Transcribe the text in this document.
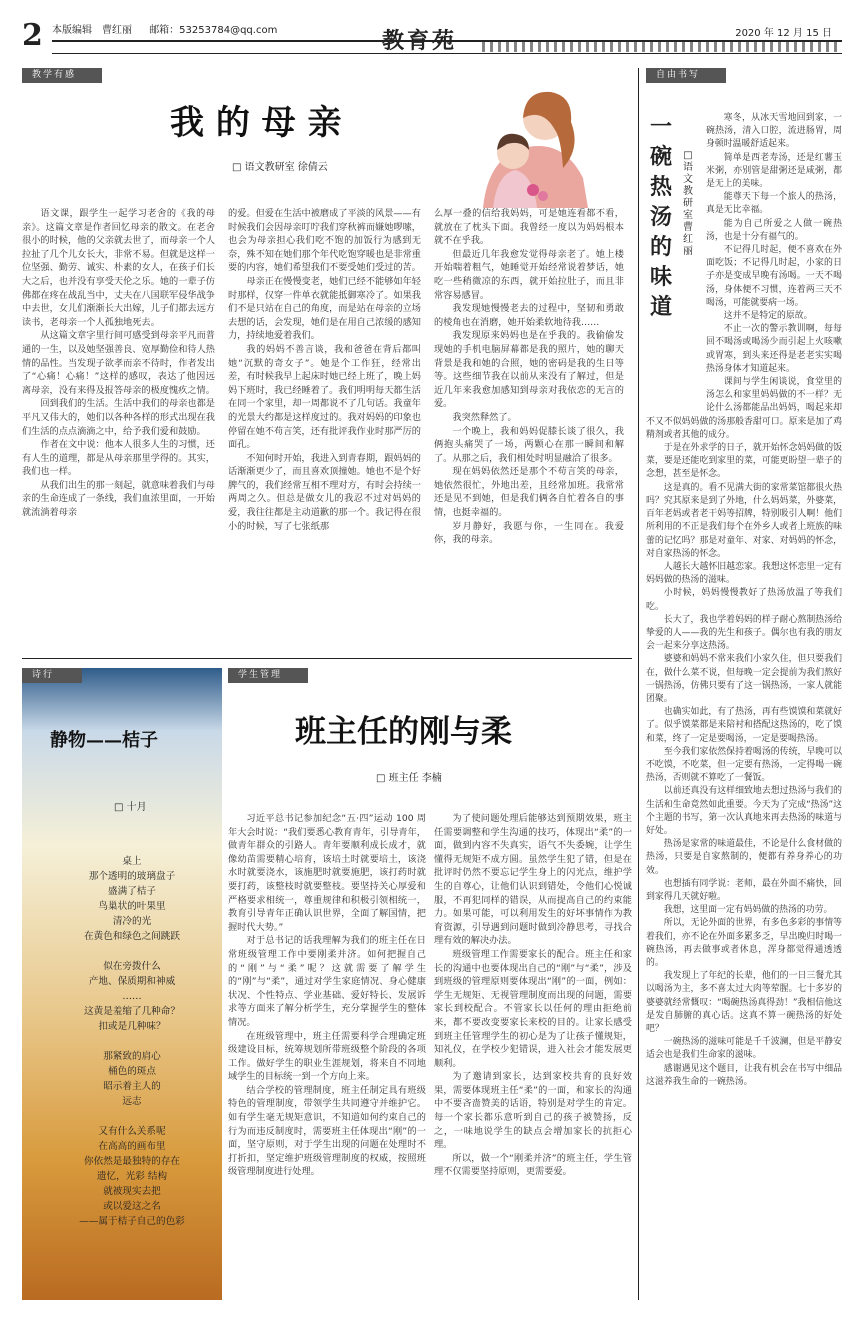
2 本版编辑　曹红丽 邮箱：53253784@qq.com	教育苑	2020 年 12 月 15 日
教学有感
我 的 母 亲
□ 语文教研室 徐倩云

语文课，跟学生一起学习老舍的《我的母亲》。这篇文章是作者回忆母亲的散文。在老舍很小的时候，他的父亲就去世了，而母亲一个人拉扯了几个儿女长大，非常不易。但就是这样一位坚强、勤劳、诚实、朴素的女人，在孩子们长大之后，也并没有享受天伦之乐。她的一辈子仿佛都在疼在战乱当中，丈夫在八国联军侵华战争中去世，女儿们渐渐长大出嫁，儿子们都去远方读书，老母亲一个人孤独地死去。

从这篇文章字里行间可感受到母亲平凡而普通的一生，以及她坚强善良、宽厚勤俭和待人热情的品性。当发现子欲孝而亲不待时，作者发出了“心痛！心痛！”这样的感叹，表达了他因远离母亲，没有来得及报答母亲的极度愧疚之情。

回到我们的生活。生活中我们的母亲也都是平凡又伟大的，她们以各种各样的形式出现在我们生活的点点滴滴之中，给予我们爱和鼓励。

作者在文中说：他本人很多人生的习惯，还有人生的道理，都是从母亲那里学得的。其实，我们也一样。

从我们出生的那一刻起，就意味着我们与母亲的生命连成了一条线，我们血浓里面，一开始就流淌着母亲

的爱。但爱在生活中被磨成了平淡的风景——有时候我们会因母亲叮咛我们穿秋裤而嫌她啰嗦，也会为母亲担心我们吃不饱的加饭行为感到无奈，殊不知在她们那个年代吃饱穿暖也是非常重要的内容，她们希望我们不要受她们受过的苦。

母亲正在慢慢变老，她们已经不能够如年轻时那样，仅穿一件单衣就能抵御寒冷了。如果我们不是只站在自己的角度，而是站在母亲的立场去想的话，会发现，她们是在用自己浓缓的感知力，持续地爱着我们。

我的妈妈不善言谈，我和爸爸在背后都叫她“沉默的奇女子”。她是个工作狂，经常出差，有时候我早上起床时她已经上班了，晚上妈妈下班时，我已经睡着了。我们明明每天都生活在同一个家里，却一周都说不了几句话。我童年的光景大约都是这样度过的。我对妈妈的印象也停留在她不苟言笑，还有批评我作业时那严厉的面孔。

不知何时开始，我进入到青春期，跟妈妈的话渐渐更少了，而且喜欢顶撞她。她也不是个好脾气的，我们经常互相不理对方，有时会持续一两周之久。但总是做女儿的我忍不过对妈妈的爱，我往往都是主动道歉的那一个。我记得在很小的时候，写了七张纸那

么厚一叠的信给我妈妈，可是她连看都不看，就放在了枕头下面。我曾经一度以为妈妈根本就不在乎我。

但最近几年我愈发觉得母亲老了。她上楼开始喘着粗气，她睡觉开始经常说着梦话，她吃一些稍微凉的东西，就开始拉肚子，而且非常容易感冒。

我发现她慢慢老去的过程中，坚韧和勇敢的棱角也在消磨，她开始柔软地待我……

我发现原来妈妈也是在乎我的。我偷偷发现她的手机电脑屏幕都是我的照片，她的聊天背景是我和她的合照，她的密码是我的生日等等。这些细节我在以前从来没有了解过，但是近几年来我愈加感知到母亲对我依恋的无言的爱。

我突然释然了。

一个晚上，我和妈妈促膝长谈了很久，我俩抱头痛哭了一场，两颗心在那一瞬间和解了。从那之后，我们相处时明显融洽了很多。

现在妈妈依然还是那个不苟言笑的母亲，她依然很忙，外地出差，且经常加班。我常常还是见不到她，但是我们俩各自忙着各自的事情，也挺幸福的。

岁月静好，我愿与你，一生同在。我爱你，我的母亲。

诗行
静物——桔子
□ 十月
桌上
那个透明的玻璃盘子
盛满了桔子
鸟巢状的叶果里
清冷的光
在黄色和绿色之间跳跃
似在旁拨什么
产地、保质期和神威
……
这黄是羞缩了几种命？
扣或是几种味？
那紧致的肩心
桶色的斑点
昭示着主人的
远志
又有什么关系呢
在高高的画布里
你依然是最独特的存在
遗忆，光彩 结构
就被现实去把
或以爱这之名
——属于桔子自己的色彩
学生管理
班主任的刚与柔
□ 班主任 李楠

习近平总书记参加纪念“五·四”运动 100 周年大会时说：“我们要悉心教育青年，引导青年，做青年群众的引路人。青年要顺利成长成才，就像幼苗需要精心培育，该培土时就要培土，该浇水时就要浇水，该施肥时就要施肥，该打药时就要打药，该整枝时就要整枝。要坚持关心厚爱和严格要求相统一，尊重规律和积极引领相统一，教育引导青年正确认识世界，全面了解国情，把握时代大势。”

对于总书记的话我理解为我们的班主任在日常班级管理工作中要刚柔并济。如何把握自己的“刚”与“柔”呢？这就需要了解学生的“刚”与“柔”，通过对学生家庭情况、身心健康状况、个性特点、学业基础、爱好特长、发展诉求等方面来了解分析学生，充分掌握学生的整体情况。

在班级管理中，班主任需要科学合理确定班级建设目标，统筹规划所带班级整个阶段的各项工作。做好学生的职业生涯规划，将来自不同地域学生的目标统一到一个方向上来。

结合学校的管理制度，班主任制定具有班级特色的管理制度，带领学生共同遵守并维护它。如有学生毫无规矩意识，不知道如何约束自己的行为而违反制度时，需要班主任体现出“刚”的一面，坚守原则，对于学生出现的问题在处理时不打折扣，坚定维护班级管理制度的权威，按照班级管理制度进行处理。

为了使问题处理后能够达到预期效果，班主任需要调整和学生沟通的技巧，体现出“柔”的一面，做到内容不失真实，语气不失委婉，让学生懂得无规矩不成方圆。虽然学生犯了错，但是在批评时仍然不要忘记学生身上的闪光点，维护学生的自尊心，让他们认识到错处，令他们心悦诚服，不再犯同样的错误，从而提高自己的约束能力。如果可能，可以利用发生的好坏事情作为教育资源，引导遇到问题时做到冷静思考，寻找合理有效的解决办法。

班级管理工作需要家长的配合。班主任和家长的沟通中也要体现出自己的“刚”与“柔”，涉及到班级的管理原则要体现出“刚”的一面，例如：学生无规矩、无视管理制度而出现的问题，需要家长到校配合。不管家长以任何的理由拒绝前来，都不要改变要家长来校的目的。让家长感受到班主任管理学生的初心是为了让孩子懂规矩，知礼仪，在学校少犯错误，进入社会才能发展更顺利。

为了邀请到家长，达到家校共育的良好效果，需要体现班主任“柔”的一面，和家长的沟通中不要吝啬赞美的话语，特别是对学生的肯定。每一个家长都乐意听到自己的孩子被赞扬，反之，一味地说学生的缺点会增加家长的抗拒心理。

所以，做一个“刚柔并济”的班主任，学生管理不仅需要坚持原则，更需要爱。

自由书写
一碗热汤的味道
□ 语文教研室 曹红丽

寒冬，从冰天雪地回到家，一碗热汤，清入口腔，流进肠胃，周身顿时温暖舒适起来。

简单是西老寿汤，还是红薯玉米粥，亦别管是甜粥还是咸粥，都是无上的美味。

能尊天下每一个旅人的热汤，真是无比幸福。

能为自己所爱之人做一碗热汤，也是十分有福气的。

不记得几时起，便不喜欢在外面吃饭；不记得几时起，小家的日子亦是变成早晚有汤喝。一天不喝汤，身体便不习惯，连着两三天不喝汤，可能就要病一场。

这并不是特定的原故。

不止一次的警示教训啊，每每回不喝汤或喝汤少而引起上火咳嗽或胃寒，到头来还得是老老实实喝热汤身体才知道起来。

课间与学生闲谈说，食堂里的汤怎么和家里妈妈做的不一样？无论什么汤都能品出妈妈，喝起来却不又不似妈妈做的汤那般香甜可口。原来是加了鸡精剂或者其他的成分。

于是在外求学的日子，就开始怀念妈妈做的饭菜，要是还能吃到家里的菜，可能更盼望一辈子的念想，甚至是怀念。

这是真的。看不见满大街的家常菜馆都很火热吗？究其原来是到了外地，什么妈妈菜，外婆菜，百年老妈或者老干妈等招牌，特别吸引人啊！他们所利用的不正是我们每个在外乡人或者上班族的味蕾的记忆吗？那是对童年、对家、对妈妈的怀念，对自家热汤的怀念。

人越长大越怀旧越恋家。我想这怀恋里一定有妈妈做的热汤的滋味。

小时候，妈妈慢慢教好了热汤放温了等我们吃。

长大了，我也学着妈妈的样子耐心熬制热汤给挚爱的人——我的先生和孩子。偶尔也有我的朋友会一起来分享这热汤。

婆婆和妈妈不常来我们小家久住，但只要我们在，做什么菜不说，但每晚一定会提前为我们熬好一锅热汤，仿佛只要有了这一锅热汤，一家人就能团聚。

也确实如此，有了热汤，再有些馍馍和菜就好了。似乎馍菜都是来陪衬和搭配这热汤的，吃了馍和菜，终了一定是要喝汤，一定是要喝热汤。

至今我们家依然保持着喝汤的传统，早晚可以不吃馍，不吃菜，但一定要有热汤，一定得喝一碗热汤，否则就不算吃了一餐饭。

以前还真没有这样细致地去想过热汤与我们的生活和生命竟然如此重要。今天为了完成“热汤”这个主题的书写，第一次认真地来再去热汤的味道与好处。

热汤是家常的味道最佳，不论是什么食材做的热汤，只要是自家熬制的，便都有养身养心的功效。

也想插有同学说：老师，最在外面不痛快，回到家得几天就好啦。

我想，这里面一定有妈妈做的热汤的功劳。

所以，无论外面的世界，有多色多彩的事情等着我们，亦不论在外面多累多乏，早出晚归时喝一碗热汤，再去做事或者休息，浑身都觉得通透透的。

我发现上了年纪的长辈，他们的一日三餐尤其以喝汤为主，多不喜太过大肉等荤腥。七十多岁的婆婆就经常慨叹：“喝碗热汤真得劲！”我相信他这是发自肺腑的真心话。这真不算一碗热汤的好处吧？

一碗热汤的滋味可能是千千波澜，但是平静安适会也是我们生命家的滋味。

感谢遇见这个题目，让我有机会在书写中细品这滋养我生命的一碗热汤。
